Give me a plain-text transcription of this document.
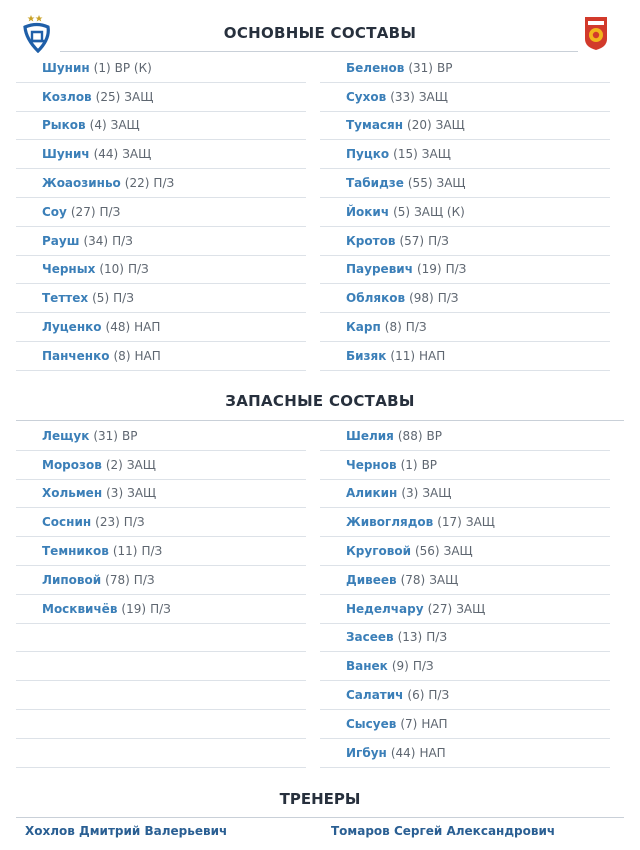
ОСНОВНЫЕ СОСТАВЫ
Шунин (1) ВР (К)
Козлов (25) ЗАЩ
Рыков (4) ЗАЩ
Шунич (44) ЗАЩ
Жоаозиньо (22) П/З
Соу (27) П/З
Рауш (34) П/З
Черных (10) П/З
Теттех (5) П/З
Луценко (48) НАП
Панченко (8) НАП
Беленов (31) ВР
Сухов (33) ЗАЩ
Тумасян (20) ЗАЩ
Пуцко (15) ЗАЩ
Табидзе (55) ЗАЩ
Йокич (5) ЗАЩ (К)
Кротов (57) П/З
Пауревич (19) П/З
Обляков (98) П/З
Карп (8) П/З
Бизяк (11) НАП
ЗАПАСНЫЕ СОСТАВЫ
Лещук (31) ВР
Морозов (2) ЗАЩ
Хольмен (3) ЗАЩ
Соснин (23) П/З
Темников (11) П/З
Липовой (78) П/З
Москвичёв (19) П/З
Шелия (88) ВР
Чернов (1) ВР
Аликин (3) ЗАЩ
Живоглядов (17) ЗАЩ
Круговой (56) ЗАЩ
Дивеев (78) ЗАЩ
Неделчару (27) ЗАЩ
Засеев (13) П/З
Ванек (9) П/З
Салатич (6) П/З
Сысуев (7) НАП
Игбун (44) НАП
ТРЕНЕРЫ
Хохлов Дмитрий Валерьевич	Томаров Сергей Александрович
